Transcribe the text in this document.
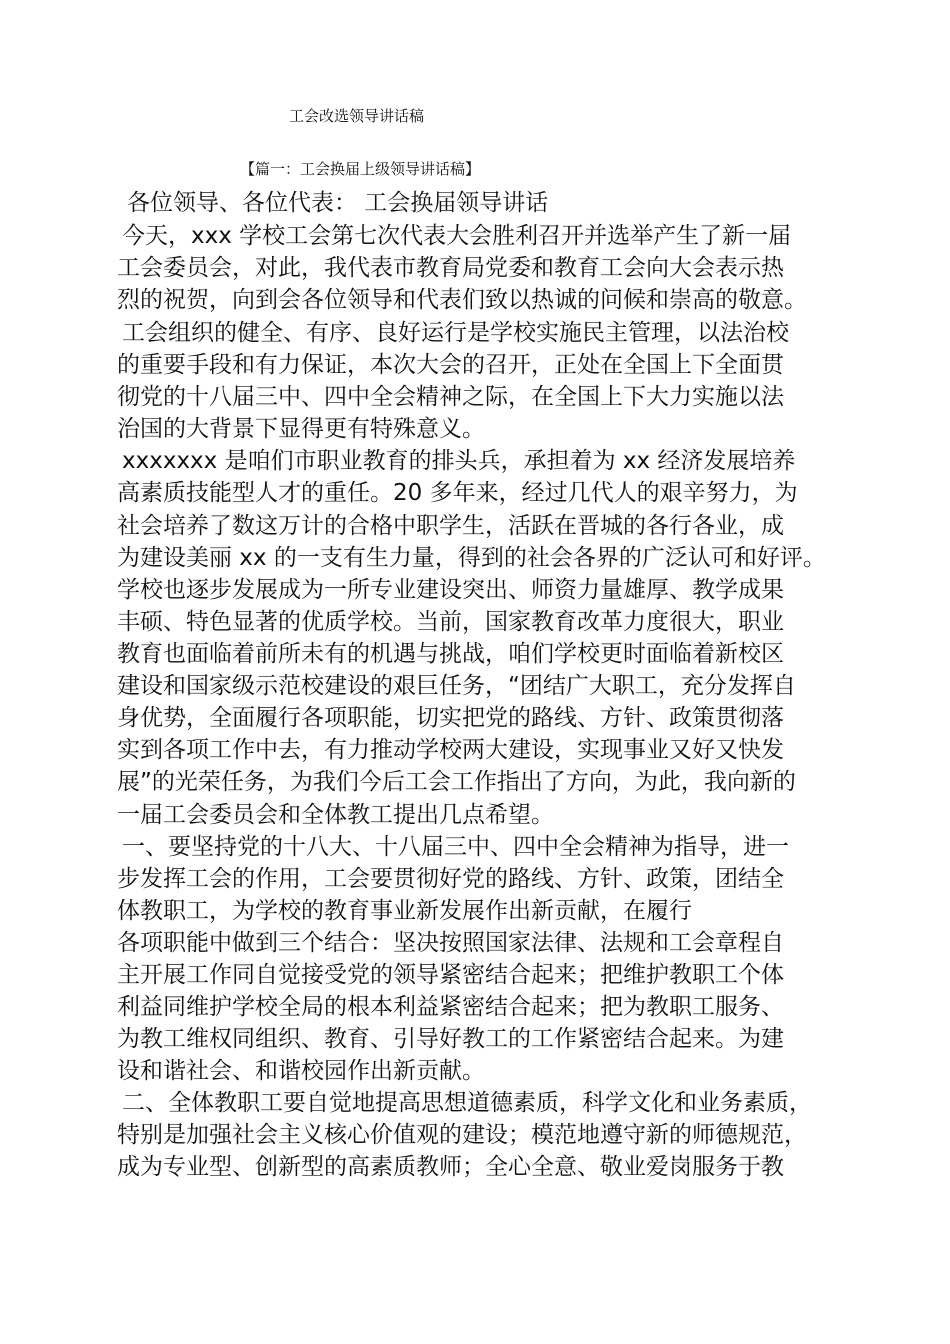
工会改选领导讲话稿
【篇一：工会换届上级领导讲话稿】
各位领导、各位代表： 工会换届领导讲话
今天，xxx 学校工会第七次代表大会胜利召开并选举产生了新一届
工会委员会，对此，我代表市教育局党委和教育工会向大会表示热
烈的祝贺，向到会各位领导和代表们致以热诚的问候和崇高的敬意。
工会组织的健全、有序、良好运行是学校实施民主管理，以法治校
的重要手段和有力保证，本次大会的召开，正处在全国上下全面贯
彻党的十八届三中、四中全会精神之际，在全国上下大力实施以法
治国的大背景下显得更有特殊意义。
xxxxxxx 是咱们市职业教育的排头兵，承担着为 xx 经济发展培养
高素质技能型人才的重任。20 多年来，经过几代人的艰辛努力，为
社会培养了数这万计的合格中职学生，活跃在晋城的各行各业，成
为建设美丽 xx 的一支有生力量，得到的社会各界的广泛认可和好评。
学校也逐步发展成为一所专业建设突出、师资力量雄厚、教学成果
丰硕、特色显著的优质学校。当前，国家教育改革力度很大，职业
教育也面临着前所未有的机遇与挑战，咱们学校更时面临着新校区
建设和国家级示范校建设的艰巨任务，“团结广大职工，充分发挥自
身优势，全面履行各项职能，切实把党的路线、方针、政策贯彻落
实到各项工作中去，有力推动学校两大建设，实现事业又好又快发
展”的光荣任务，为我们今后工会工作指出了方向，为此，我向新的
一届工会委员会和全体教工提出几点希望。
一、要坚持党的十八大、十八届三中、四中全会精神为指导，进一
步发挥工会的作用，工会要贯彻好党的路线、方针、政策，团结全
体教职工，为学校的教育事业新发展作出新贡献，在履行
各项职能中做到三个结合：坚决按照国家法律、法规和工会章程自
主开展工作同自觉接受党的领导紧密结合起来；把维护教职工个体
利益同维护学校全局的根本利益紧密结合起来；把为教职工服务、
为教工维权同组织、教育、引导好教工的工作紧密结合起来。为建
设和谐社会、和谐校园作出新贡献。
二、全体教职工要自觉地提高思想道德素质，科学文化和业务素质，
特别是加强社会主义核心价值观的建设；模范地遵守新的师德规范，
成为专业型、创新型的高素质教师；全心全意、敬业爱岗服务于教
